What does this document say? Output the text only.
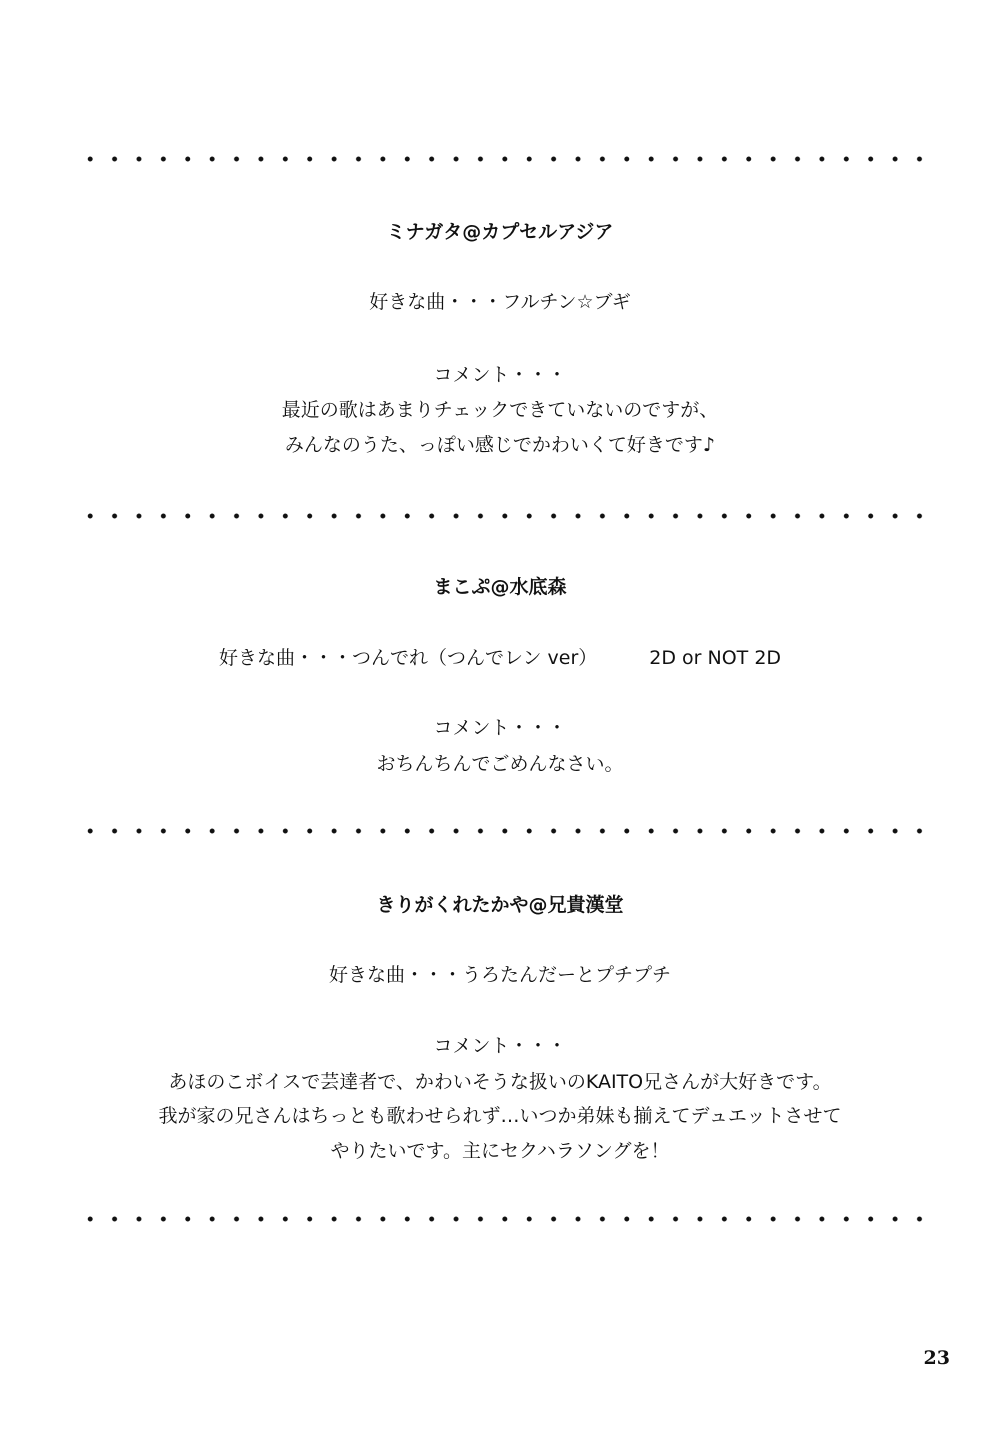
ミナガタ@カプセルアジア
好きな曲・・・フルチン☆ブギ
コメント・・・
最近の歌はあまりチェックできていないのですが、
みんなのうた、っぽい感じでかわいくて好きです♪
まこぷ@水底森
好きな曲・・・つんでれ（つんでレン ver）	2D or NOT 2D
コメント・・・
おちんちんでごめんなさい。
きりがくれたかや@兄貴漢堂
好きな曲・・・うろたんだーとプチプチ
コメント・・・
あほのこボイスで芸達者で、かわいそうな扱いのKAITO兄さんが大好きです。
我が家の兄さんはちっとも歌わせられず…いつか弟妹も揃えてデュエットさせて
やりたいです。主にセクハラソングを！
23
